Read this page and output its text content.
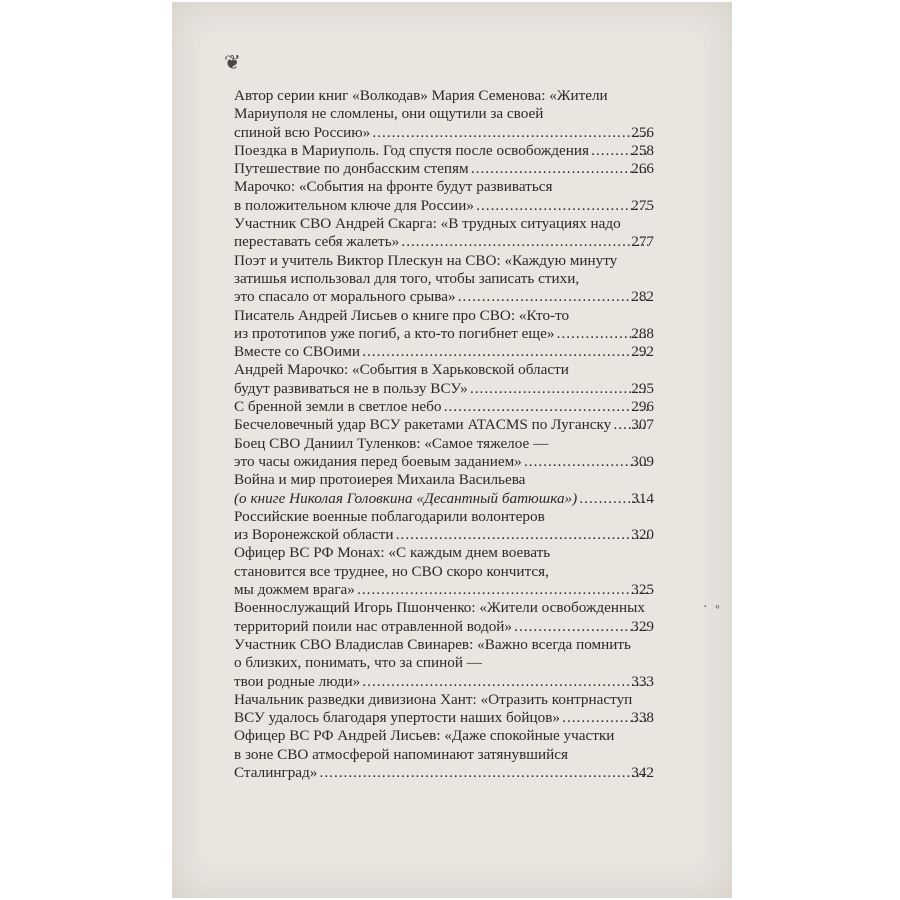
❦
Автор серии книг «Волкодав» Мария Семенова: «Жители
Мариуполя не сломлены, они ощутили за своей
спиной всю Россию» .....	256
Поездка в Мариуполь. Год спустя после освобождения .....	258
Путешествие по донбасским степям .....	266
Марочко: «События на фронте будут развиваться
в положительном ключе для России» .....	275
Участник СВО Андрей Скарга: «В трудных ситуациях надо
переставать себя жалеть» .....	277
Поэт и учитель Виктор Плескун на СВО: «Каждую минуту
затишья использовал для того, чтобы записать стихи,
это спасало от морального срыва» .....	282
Писатель Андрей Лисьев о книге про СВО: «Кто-то
из прототипов уже погиб, а кто-то погибнет еще» .....	288
Вместе со СВОими .....	292
Андрей Марочко: «События в Харьковской области
будут развиваться не в пользу ВСУ» .....	295
С бренной земли в светлое небо .....	296
Бесчеловечный удар ВСУ ракетами ATACMS по Луганску ..... 307
Боец СВО Даниил Туленков: «Самое тяжелое —
это часы ожидания перед боевым заданием» .....	309
Война и мир протоиерея Михаила Васильева
(о книге Николая Головкина «Десантный батюшка») .....	314
Российские военные поблагодарили волонтеров
из Воронежской области .....	320
Офицер ВС РФ Монах: «С каждым днем воевать
становится все труднее, но СВО скоро кончится,
мы дожмем врага» .....	325
Военнослужащий Игорь Пшонченко: «Жители освобожденных
территорий поили нас отравленной водой» .....	329
Участник СВО Владислав Свинарев: «Важно всегда помнить
о близких, понимать, что за спиной —
твои родные люди» .....	333
Начальник разведки дивизиона Хант: «Отразить контрнаступ
ВСУ удалось благодаря упертости наших бойцов» .....	338
Офицер ВС РФ Андрей Лисьев: «Даже спокойные участки
в зоне СВО атмосферой напоминают затянувшийся
Сталинград» .....	342
· ◦
